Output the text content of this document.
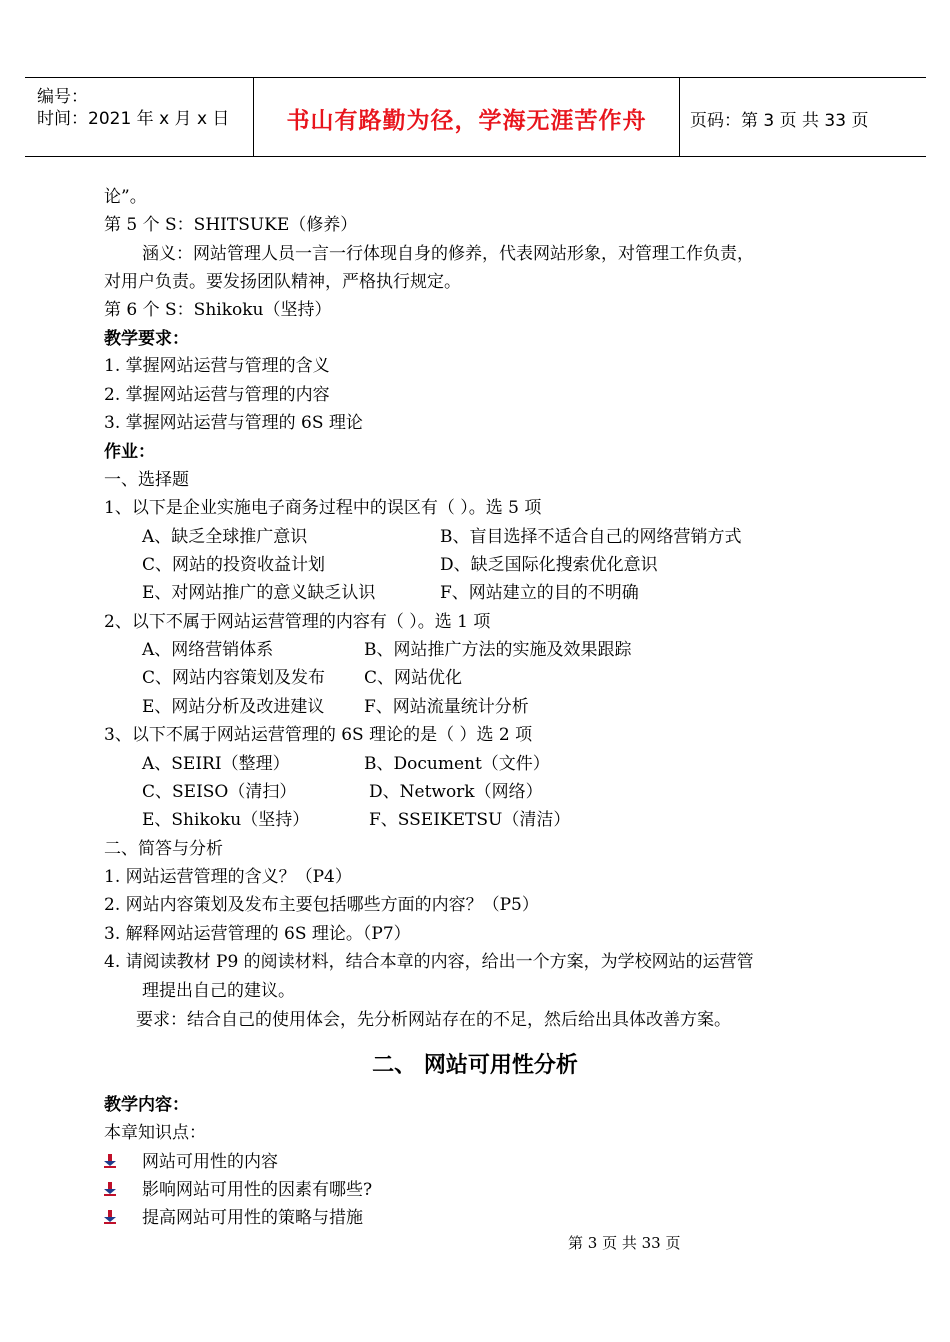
编号：
时间：2021 年 x 月 x 日	书山有路勤为径，学海无涯苦作舟	页码：第 3 页 共 33 页
论”。
第 5 个 S：SHITSUKE（修养）
涵义：网站管理人员一言一行体现自身的修养，代表网站形象，对管理工作负责，
对用户负责。要发扬团队精神，严格执行规定。
第 6 个 S：Shikoku（坚持）
教学要求：
1. 掌握网站运营与管理的含义
2. 掌握网站运营与管理的内容
3. 掌握网站运营与管理的 6S 理论
作业：
一、选择题
1、以下是企业实施电子商务过程中的误区有（ ）。选 5 项
A、缺乏全球推广意识	B、盲目选择不适合自己的网络营销方式
C、网站的投资收益计划	D、缺乏国际化搜索优化意识
E、对网站推广的意义缺乏认识	F、网站建立的目的不明确
2、以下不属于网站运营管理的内容有（ ）。选 1 项
A、网络营销体系	B、网站推广方法的实施及效果跟踪
C、网站内容策划及发布 C、网站优化
E、网站分析及改进建议 F、网站流量统计分析
3、以下不属于网站运营管理的 6S 理论的是（ ）选 2 项
A、SEIRI（整理）	B、Document（文件）
C、SEISO（清扫）	D、Network（网络）
E、Shikoku（坚持）	F、SSEIKETSU（清洁）
二、简答与分析
1. 网站运营管理的含义？（P4）
2. 网站内容策划及发布主要包括哪些方面的内容？（P5）
3. 解释网站运营管理的 6S 理论。（P7）
4. 请阅读教材 P9 的阅读材料，结合本章的内容，给出一个方案，为学校网站的运营管
理提出自己的建议。
要求：结合自己的使用体会，先分析网站存在的不足，然后给出具体改善方案。
二、 网站可用性分析
教学内容：
本章知识点：
网站可用性的内容
影响网站可用性的因素有哪些?
提高网站可用性的策略与措施
第 3 页 共 33 页
